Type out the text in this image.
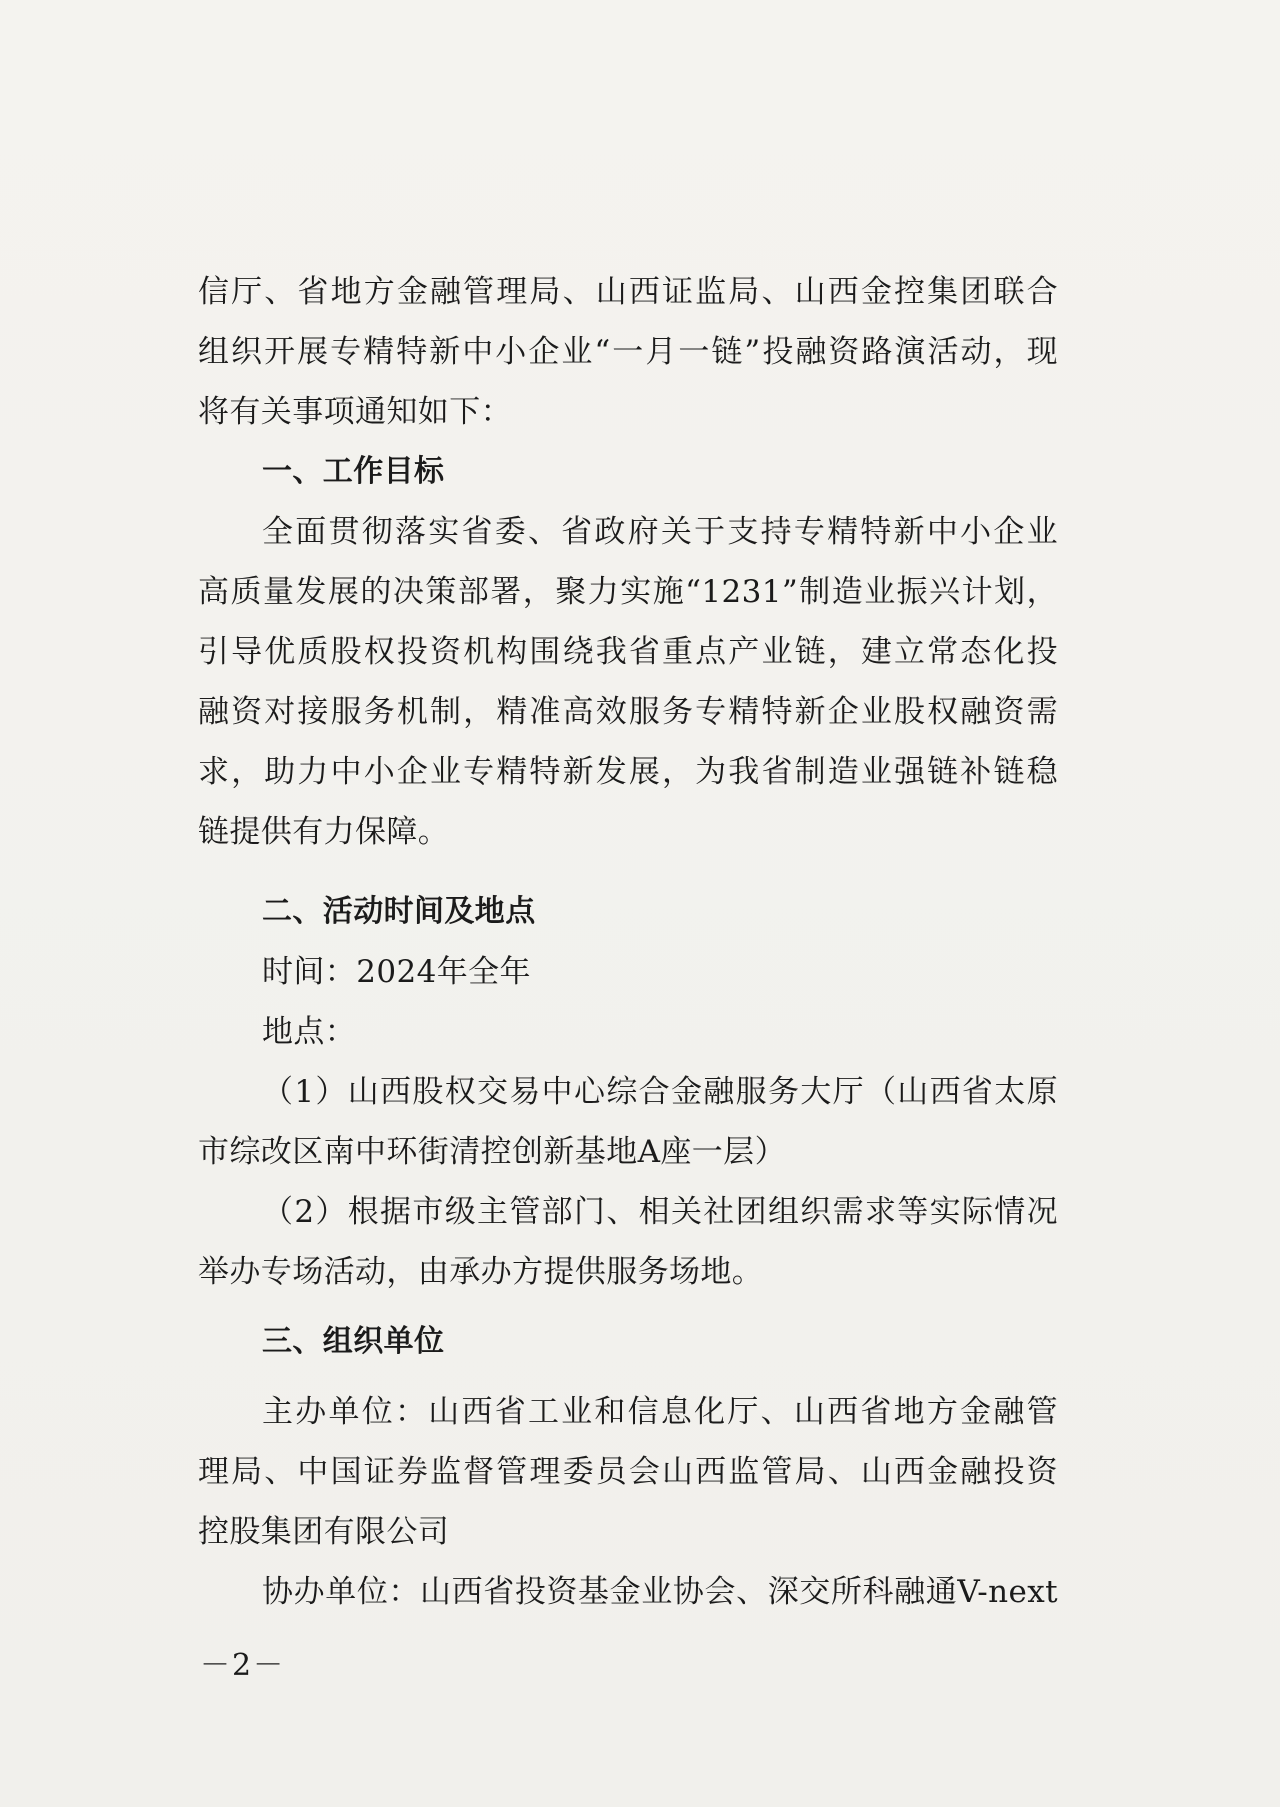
信厅、省地方金融管理局、山西证监局、山西金控集团联合
组织开展专精特新中小企业“一月一链”投融资路演活动，现
将有关事项通知如下：
一、工作目标
全面贯彻落实省委、省政府关于支持专精特新中小企业
高质量发展的决策部署，聚力实施“1231”制造业振兴计划，
引导优质股权投资机构围绕我省重点产业链，建立常态化投
融资对接服务机制，精准高效服务专精特新企业股权融资需
求，助力中小企业专精特新发展，为我省制造业强链补链稳
链提供有力保障。
二、活动时间及地点
时间：2024年全年
地点：
（1）山西股权交易中心综合金融服务大厅（山西省太原
市综改区南中环街清控创新基地A座一层）
（2）根据市级主管部门、相关社团组织需求等实际情况
举办专场活动，由承办方提供服务场地。
三、组织单位
主办单位：山西省工业和信息化厅、山西省地方金融管
理局、中国证券监督管理委员会山西监管局、山西金融投资
控股集团有限公司
协办单位：山西省投资基金业协会、深交所科融通V-next
－2－
